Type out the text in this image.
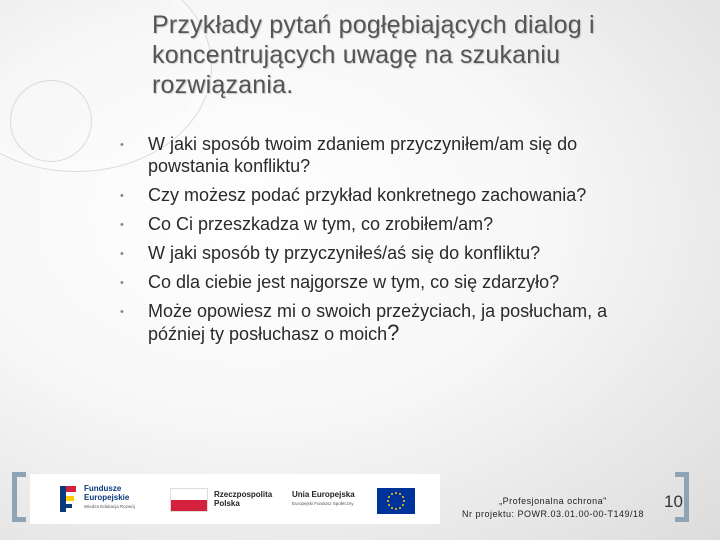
Przykłady pytań pogłębiających dialog i
koncentrujących uwagę na szukaniu
rozwiązania.
• W jaki sposób twoim zdaniem przyczyniłem/am się do
powstania konfliktu?
• Czy możesz podać przykład konkretnego zachowania?
• Co Ci przeszkadza w tym, co zrobiłem/am?
• W jaki sposób ty przyczyniłeś/aś się do konfliktu?
• Co dla ciebie jest najgorsze w tym, co się zdarzyło?
• Może opowiesz mi o swoich przeżyciach, ja posłucham, a
później ty posłuchasz o moich?
Fundusze
Europejskie
Wiedza Edukacja Rozwój
Rzeczpospolita
Polska
Unia Europejska
Europejski Fundusz Społeczny	„Profesjonalna ochrona"
Nr projektu: POWR.03.01.00-00-T149/18
10
